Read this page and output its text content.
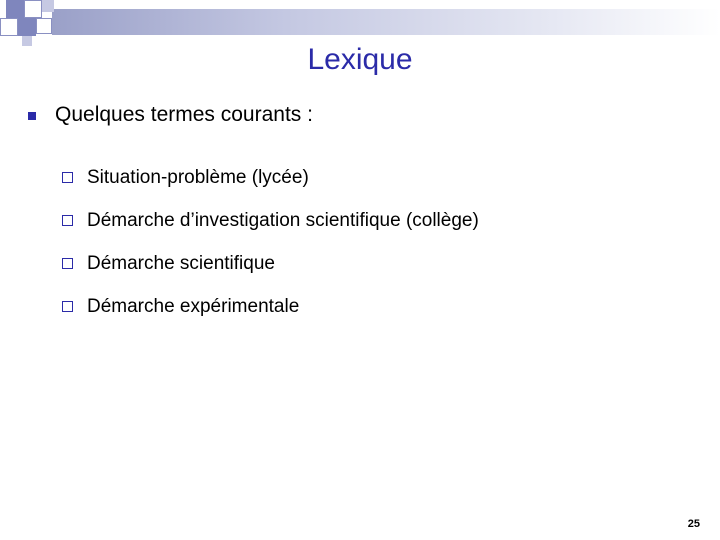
Lexique
Quelques termes courants :
Situation-problème (lycée)
Démarche d’investigation scientifique (collège)
Démarche scientifique
Démarche expérimentale
25
